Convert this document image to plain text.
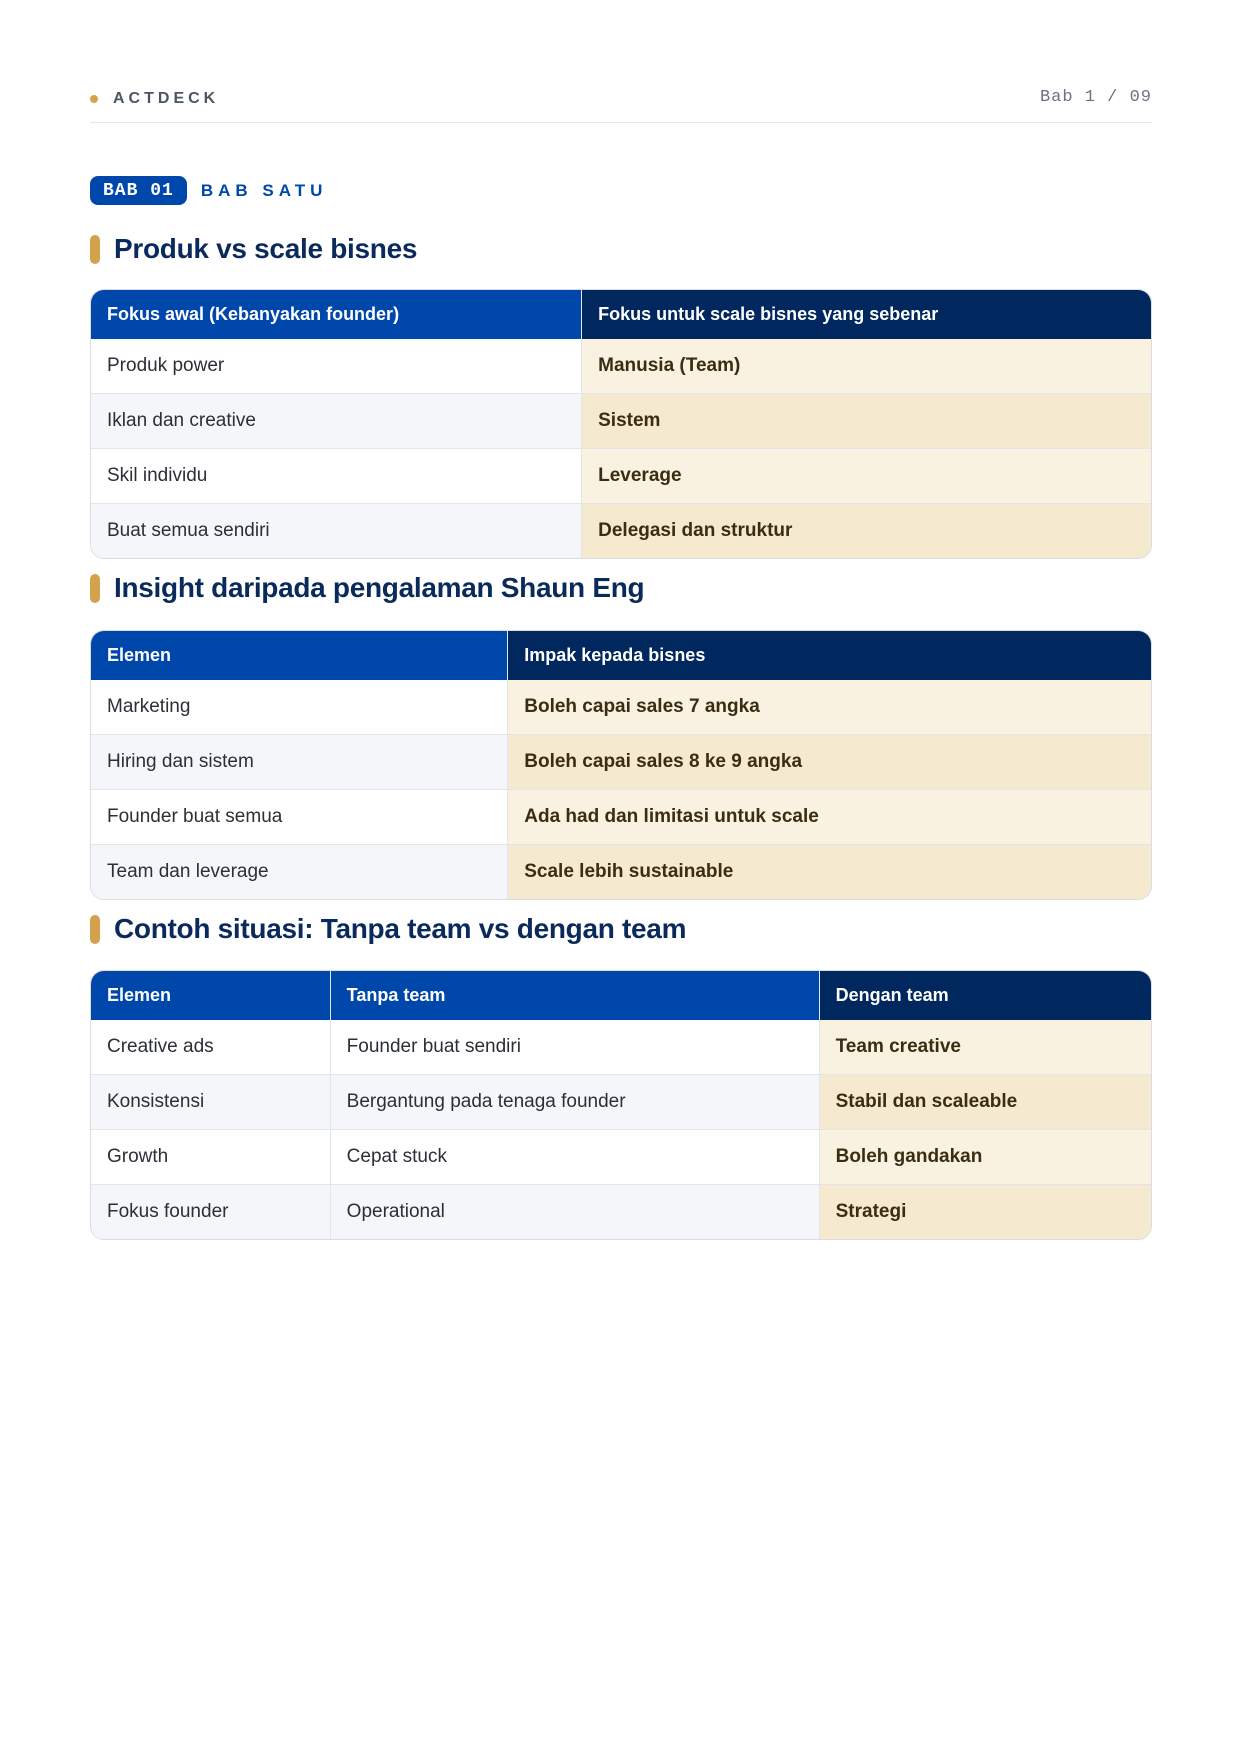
ACTDECK	Bab 1 / 09
BAB 01	BAB SATU
Produk vs scale bisnes
Fokus awal (Kebanyakan founder)	Fokus untuk scale bisnes yang sebenar
Produk power	Manusia (Team)
Iklan dan creative	Sistem
Skil individu	Leverage
Buat semua sendiri	Delegasi dan struktur
Insight daripada pengalaman Shaun Eng
Elemen	Impak kepada bisnes
Marketing	Boleh capai sales 7 angka
Hiring dan sistem	Boleh capai sales 8 ke 9 angka
Founder buat semua	Ada had dan limitasi untuk scale
Team dan leverage	Scale lebih sustainable
Contoh situasi: Tanpa team vs dengan team
Elemen	Tanpa team	Dengan team
Creative ads	Founder buat sendiri	Team creative
Konsistensi	Bergantung pada tenaga founder	Stabil dan scaleable
Growth	Cepat stuck	Boleh gandakan
Fokus founder	Operational	Strategi
